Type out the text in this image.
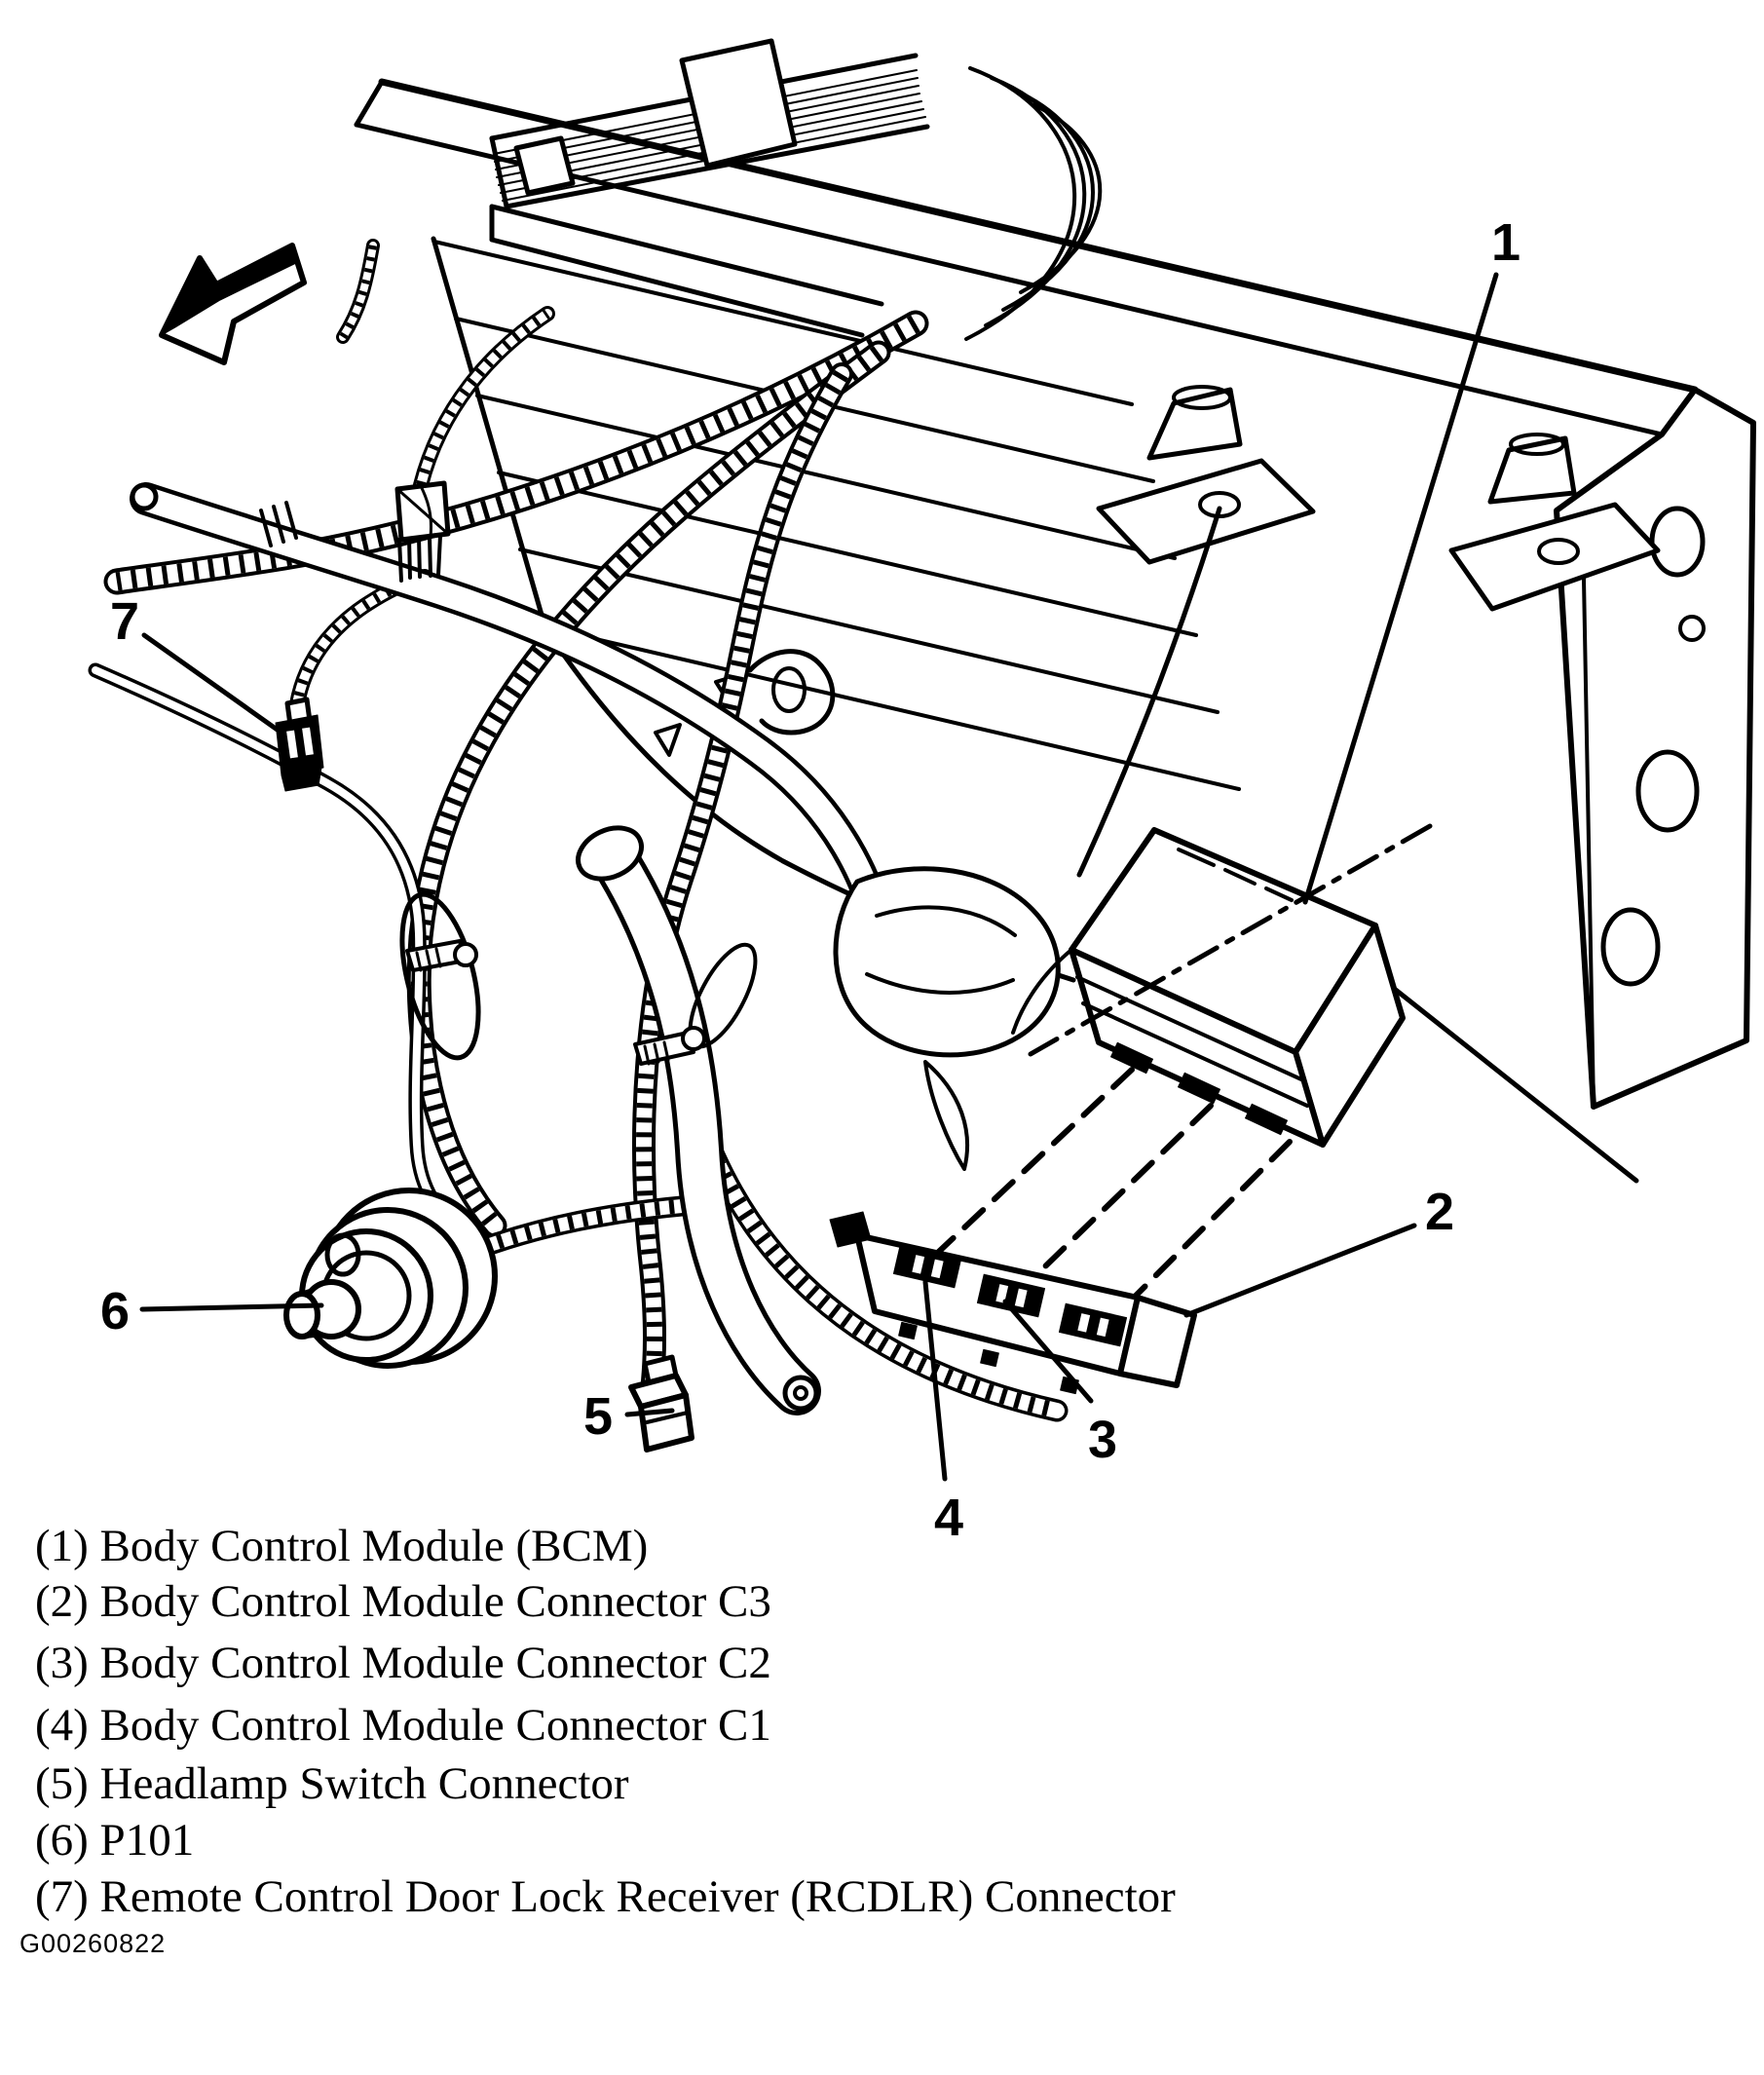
1
2
3
4
5
6
7
(1) Body Control Module (BCM)
(2) Body Control Module Connector C3
(3) Body Control Module Connector C2
(4) Body Control Module Connector C1
(5) Headlamp Switch Connector
(6) P101
(7) Remote Control Door Lock Receiver (RCDLR) Connector
G00260822
